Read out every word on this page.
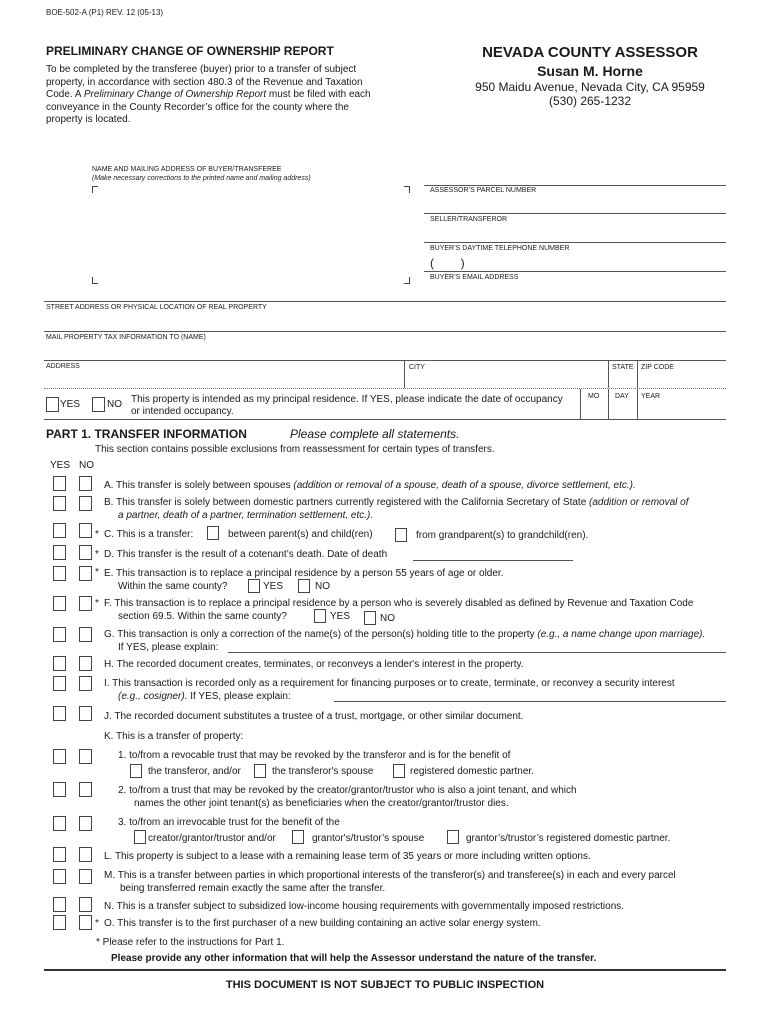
BOE-502-A (P1) REV. 12 (05-13)
PRELIMINARY CHANGE OF OWNERSHIP REPORT
To be completed by the transferee (buyer) prior to a transfer of subject
property, in accordance with section 480.3 of the Revenue and Taxation
Code. A Preliminary Change of Ownership Report must be filed with each
conveyance in the County Recorder’s office for the county where the
property is located.
NEVADA COUNTY ASSESSOR
Susan M. Horne
950 Maidu Avenue, Nevada City, CA 95959
(530) 265-1232
NAME AND MAILING ADDRESS OF BUYER/TRANSFEREE
(Make necessary corrections to the printed name and mailing address)
ASSESSOR’S PARCEL NUMBER
SELLER/TRANSFEROR
BUYER’S DAYTIME TELEPHONE NUMBER
(        )
BUYER’S EMAIL ADDRESS
STREET ADDRESS OR PHYSICAL LOCATION OF REAL PROPERTY
MAIL PROPERTY TAX INFORMATION TO (NAME)
ADDRESS	CITY	STATE ZIP CODE
YES	NO This property is intended as my principal residence. If YES, please indicate the date of occupancy
or intended occupancy.
MO DAY YEAR
PART 1. TRANSFER INFORMATION	Please complete all statements.
This section contains possible exclusions from reassessment for certain types of transfers.
YES NO
A. This transfer is solely between spouses (addition or removal of a spouse, death of a spouse, divorce settlement, etc.).
B. This transfer is solely between domestic partners currently registered with the California Secretary of State (addition or removal of
a partner, death of a partner, termination settlement, etc.).
* C. This is a transfer:	between parent(s) and child(ren)	from grandparent(s) to grandchild(ren).
* D. This transfer is the result of a cotenant’s death. Date of death
* E. This transaction is to replace a principal residence by a person 55 years of age or older.
Within the same county?	YES	NO
* F. This transaction is to replace a principal residence by a person who is severely disabled as defined by Revenue and Taxation Code
section 69.5. Within the same county?	YES	NO
G. This transaction is only a correction of the name(s) of the person(s) holding title to the property (e.g., a name change upon marriage).
If YES, please explain:
H. The recorded document creates, terminates, or reconveys a lender's interest in the property.
I. This transaction is recorded only as a requirement for financing purposes or to create, terminate, or reconvey a security interest
(e.g., cosigner). If YES, please explain:
J. The recorded document substitutes a trustee of a trust, mortgage, or other similar document.
K. This is a transfer of property:
1. to/from a revocable trust that may be revoked by the transferor and is for the benefit of
the transferor, and/or	the transferor's spouse	registered domestic partner.
2. to/from a trust that may be revoked by the creator/grantor/trustor who is also a joint tenant, and which
names the other joint tenant(s) as beneficiaries when the creator/grantor/trustor dies.
3. to/from an irrevocable trust for the benefit of the
creator/grantor/trustor and/or	grantor's/trustor’s spouse	grantor’s/trustor’s registered domestic partner.
L. This property is subject to a lease with a remaining lease term of 35 years or more including written options.
M. This is a transfer between parties in which proportional interests of the transferor(s) and transferee(s) in each and every parcel
being transferred remain exactly the same after the transfer.
N. This is a transfer subject to subsidized low-income housing requirements with governmentally imposed restrictions.
* O. This transfer is to the first purchaser of a new building containing an active solar energy system.
* Please refer to the instructions for Part 1.
Please provide any other information that will help the Assessor understand the nature of the transfer.
THIS DOCUMENT IS NOT SUBJECT TO PUBLIC INSPECTION
